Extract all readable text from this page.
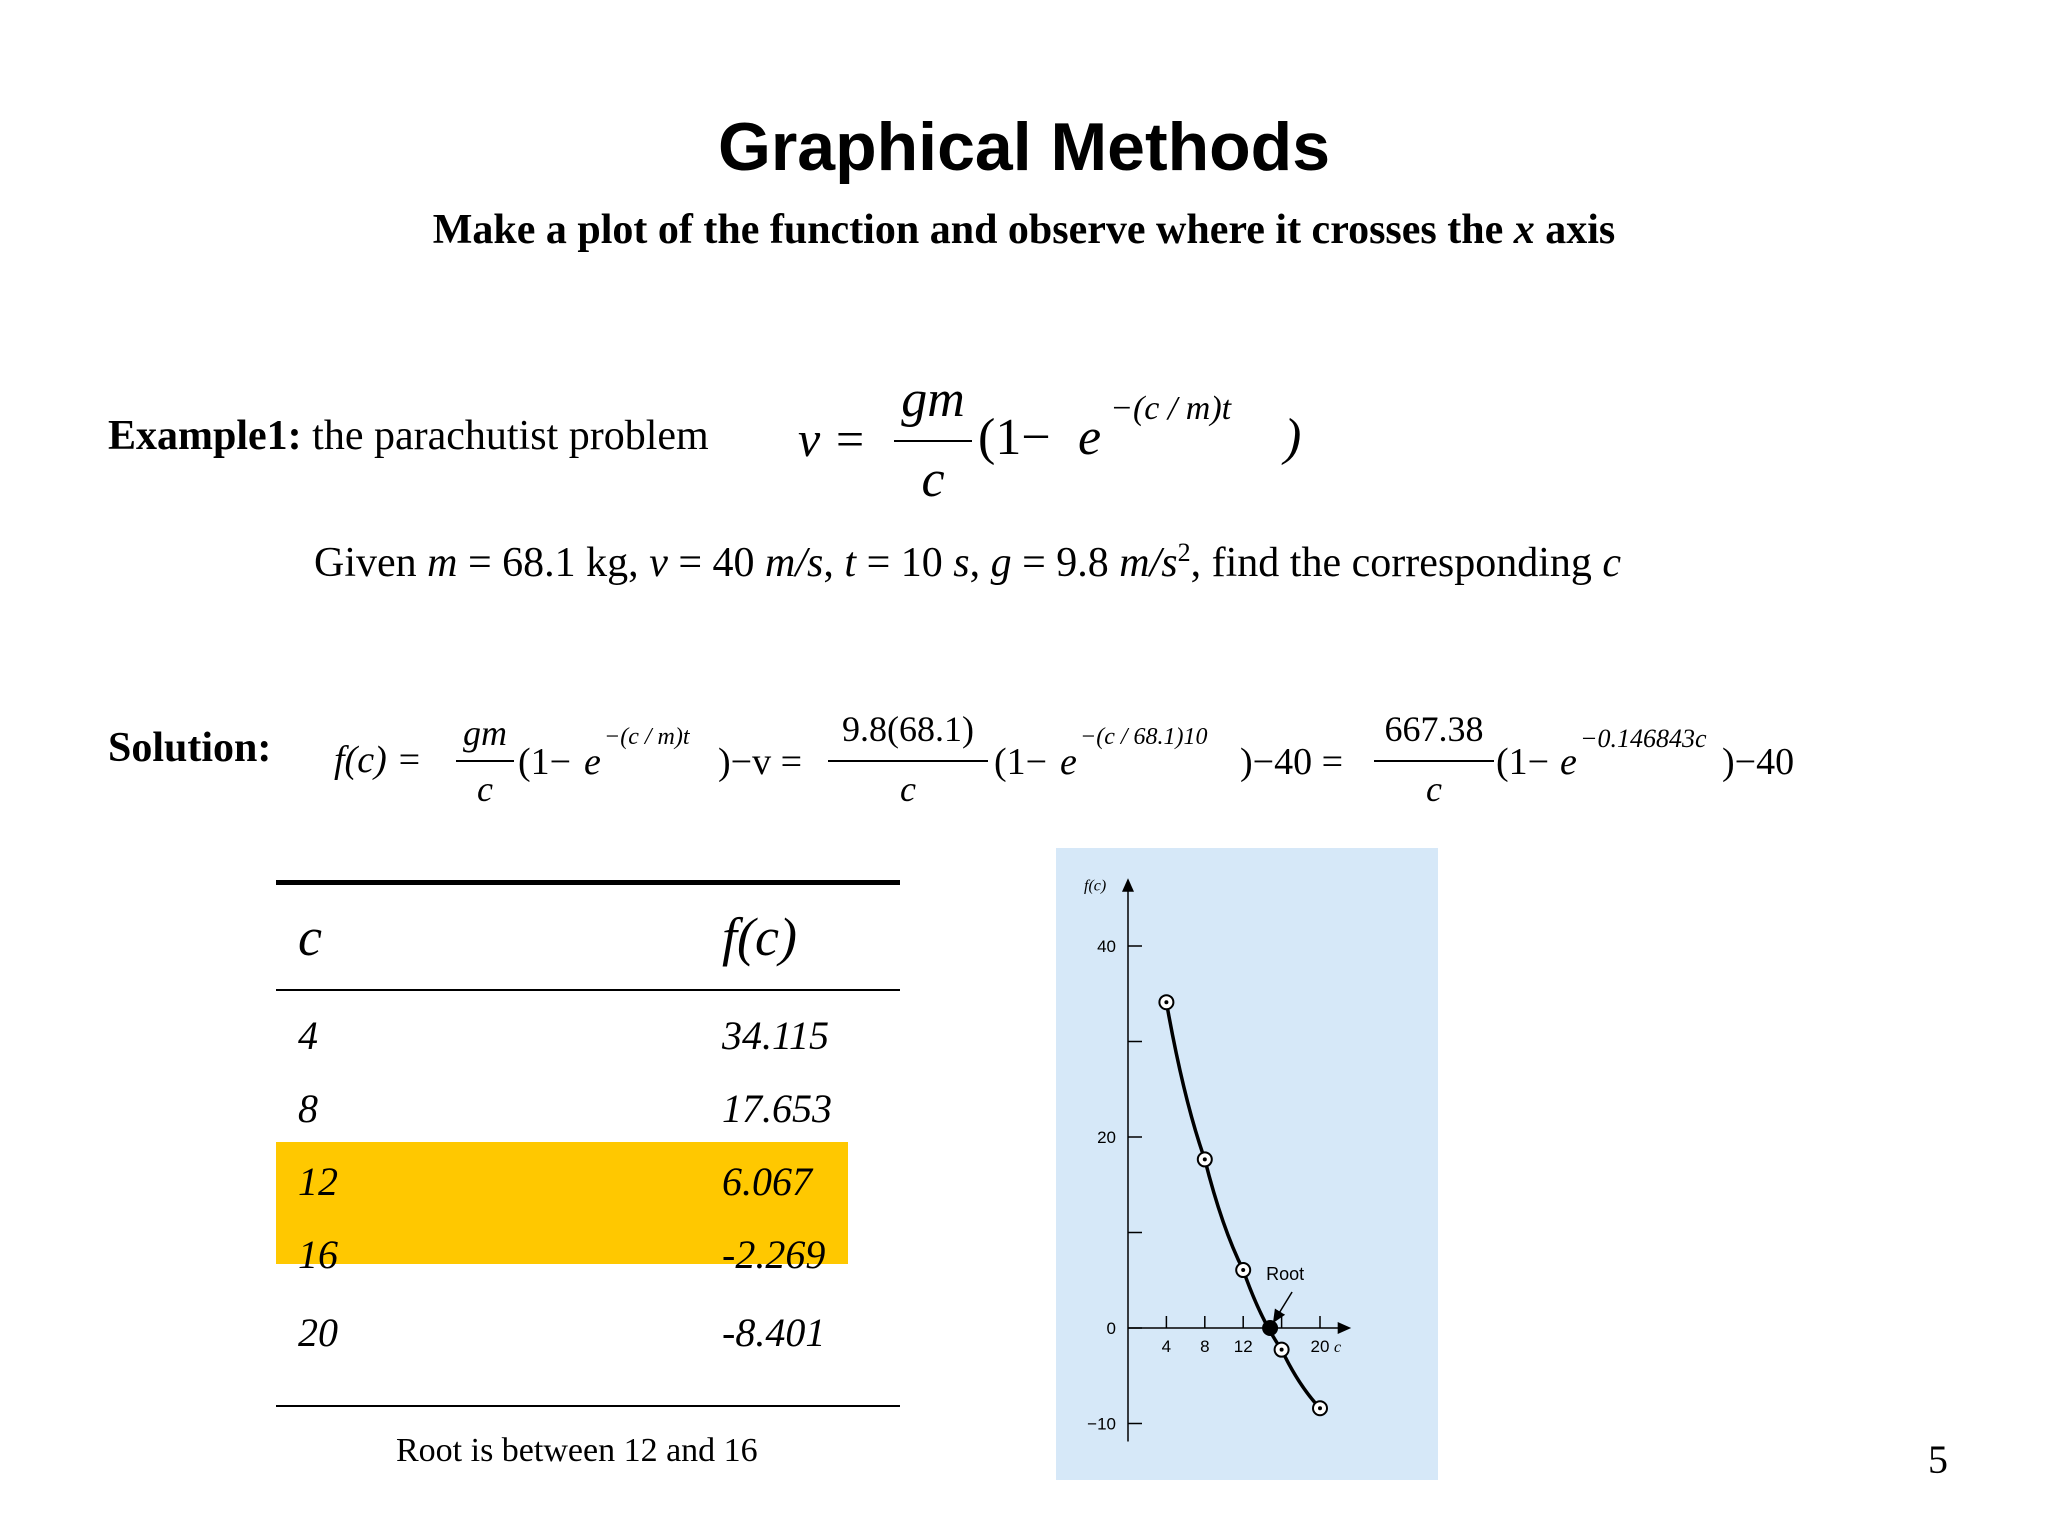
Graphical Methods
Make a plot of the function and observe where it crosses the x axis
Example1: the parachutist problem v =
gm
c
(1− e
−(c / m)t
)
Given m = 68.1 kg, v = 40 m/s, t = 10 s, g = 9.8 $m/s^2$, find the corresponding c
Solution: f(c) =
gm
c
(1− e
−(c / m)t
)−v =
9.8(68.1)
c
(1− e
−(c / 68.1)10
)−40 =
667.38
c
(1− e
−0.146843c
)−40
c	f(c)
4	34.115
8	17.653
12	6.067
16	-2.269
20	-8.401
Root is between 12 and 16
−10
0
20
40
f(c)
4 8 12	20 c
Root
5
